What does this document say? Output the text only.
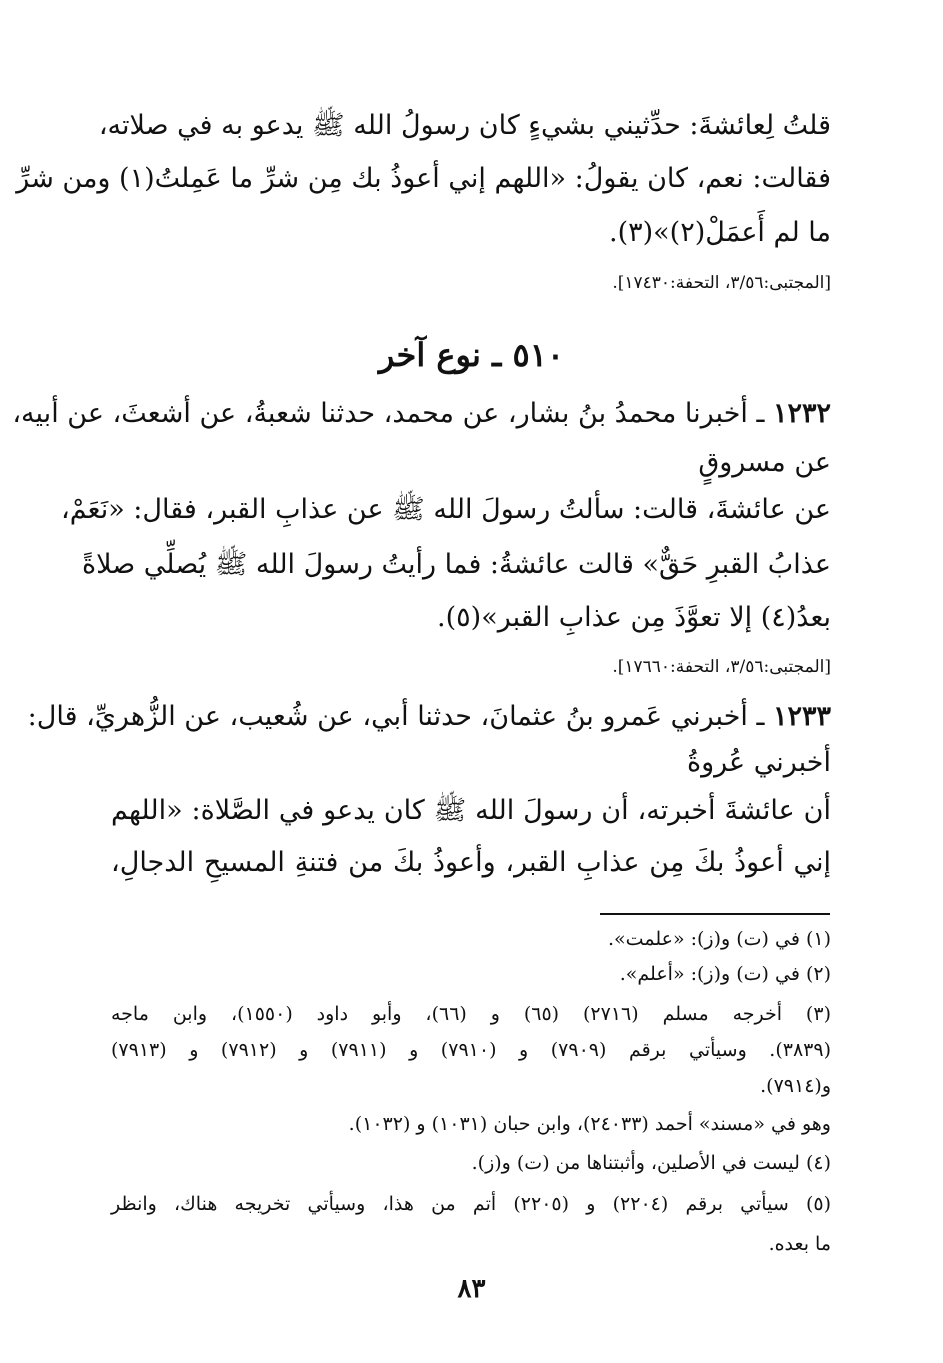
قلتُ لِعائشةَ: حدِّثيني بشيءٍ كان رسولُ الله ﷺ يدعو به في صلاته،
فقالت: نعم، كان يقولُ: «اللهم إني أعوذُ بك مِن شرِّ ما عَمِلتُ(١) ومن شرِّ
ما لم أَعمَلْ(٢)»(٣).
[المجتبى:٣/٥٦، التحفة:١٧٤٣٠].
٥١٠ ـ نوع آخر
١٢٣٢ ـ أخبرنا محمدُ بنُ بشار، عن محمد، حدثنا شعبةُ، عن أشعثَ، عن أبيه،
عن مسروقٍ
عن عائشةَ، قالت: سألتُ رسولَ الله ﷺ عن عذابِ القبر، فقال: «نَعَمْ،
عذابُ القبرِ حَقٌّ» قالت عائشةُ: فما رأيتُ رسولَ الله ﷺ يُصلِّي صلاةً
بعدُ(٤) إلا تعوَّذَ مِن عذابِ القبر»(٥).
[المجتبى:٣/٥٦، التحفة:١٧٦٦٠].
١٢٣٣ ـ أخبرني عَمرو بنُ عثمانَ، حدثنا أبي، عن شُعيب، عن الزُّهريِّ، قال:
أخبرني عُروةُ
أن عائشةَ أخبرته، أن رسولَ الله ﷺ كان يدعو في الصَّلاة: «اللهم
إني أعوذُ بكَ مِن عذابِ القبر، وأعوذُ بكَ من فتنةِ المسيحِ الدجالِ،
(١) في (ت) و(ز): «علمت».
(٢) في (ت) و(ز): «أعلم».
(٣) أخرجه مسلم (٢٧١٦) (٦٥) و (٦٦)، وأبو داود (١٥٥٠)، وابن ماجه
(٣٨٣٩). وسيأتي برقم (٧٩٠٩) و (٧٩١٠) و (٧٩١١) و (٧٩١٢) و (٧٩١٣)
و(٧٩١٤).
وهو في «مسند» أحمد (٢٤٠٣٣)، وابن حبان (١٠٣١) و (١٠٣٢).
(٤) ليست في الأصلين، وأثبتناها من (ت) و(ز).
(٥) سيأتي برقم (٢٢٠٤) و (٢٢٠٥) أتم من هذا، وسيأتي تخريجه هناك، وانظر
ما بعده.
٨٣
